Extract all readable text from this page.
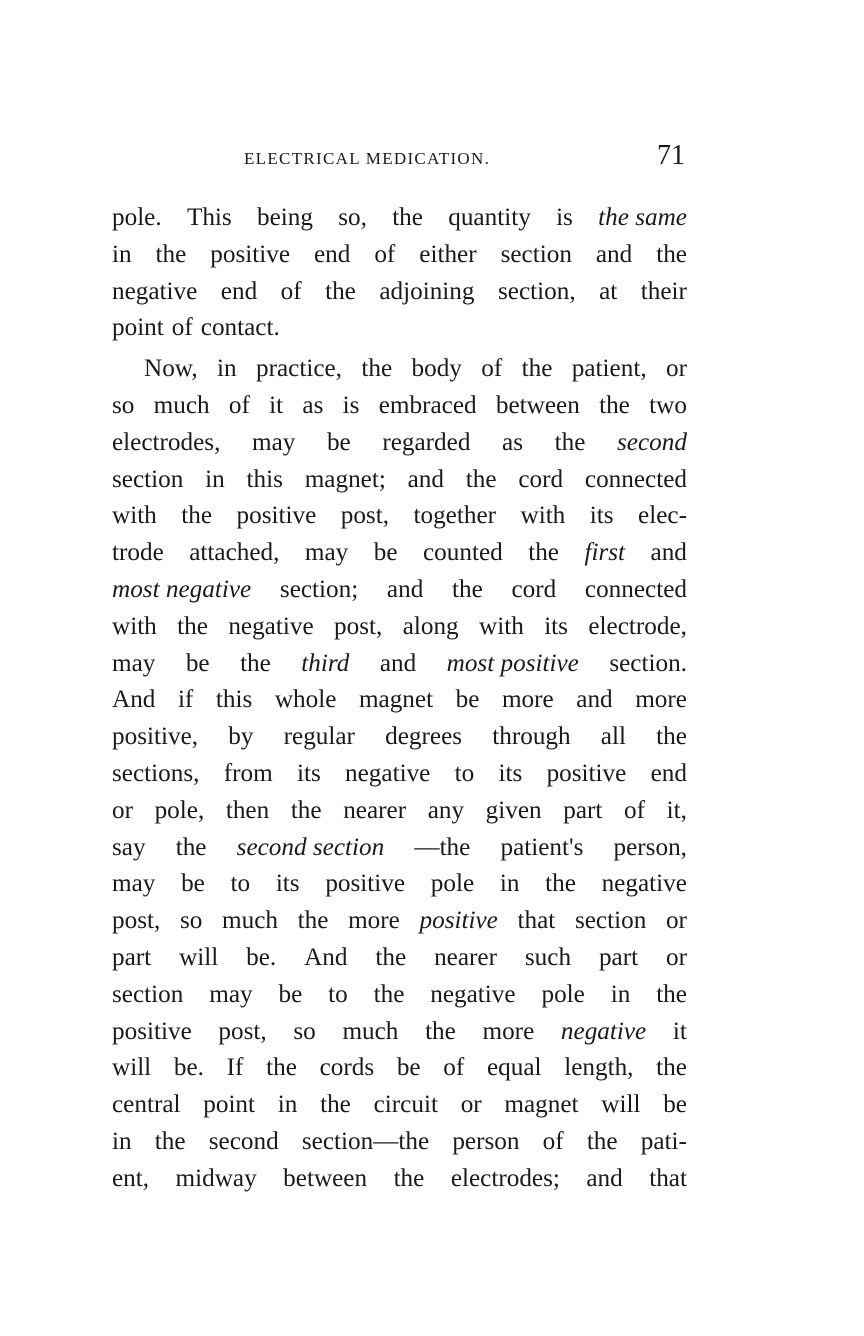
ELECTRICAL MEDICATION.	71
pole. This being so, the quantity is the same
in the positive end of either section and the
negative end of the adjoining section, at their
point of contact.
Now, in practice, the body of the patient, or
so much of it as is embraced between the two
electrodes, may be regarded as the second
section in this magnet; and the cord connected
with the positive post, together with its elec-
trode attached, may be counted the first and
most negative section; and the cord connected
with the negative post, along with its electrode,
may be the third and most positive section.
And if this whole magnet be more and more
positive, by regular degrees through all the
sections, from its negative to its positive end
or pole, then the nearer any given part of it,
say the second section —the patient's person,
may be to its positive pole in the negative
post, so much the more positive that section or
part will be. And the nearer such part or
section may be to the negative pole in the
positive post, so much the more negative it
will be. If the cords be of equal length, the
central point in the circuit or magnet will be
in the second section—the person of the pati-
ent, midway between the electrodes; and that
